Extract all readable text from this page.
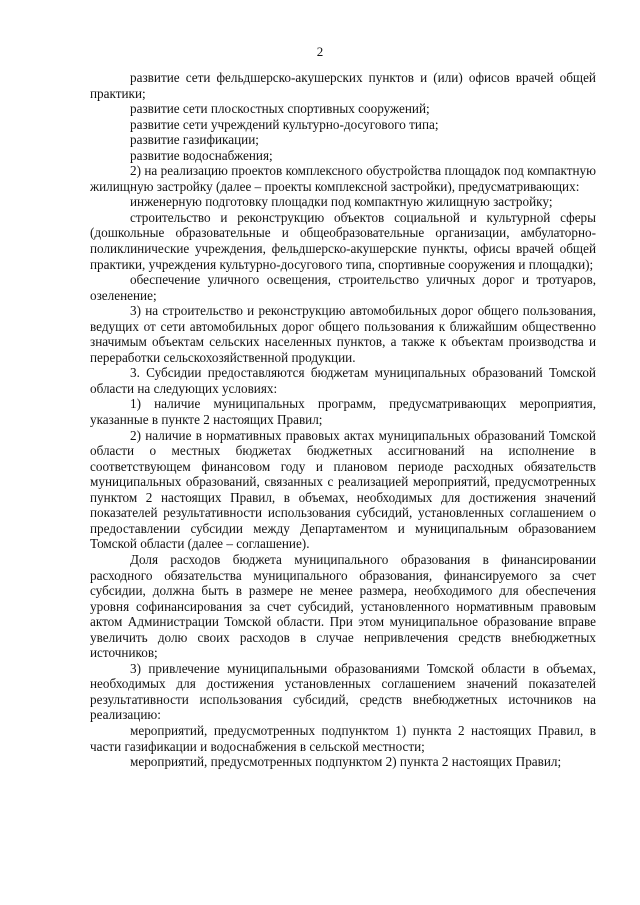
2

развитие сети фельдшерско-акушерских пунктов и (или) офисов врачей общей практики;

развитие сети плоскостных спортивных сооружений;

развитие сети учреждений культурно-досугового типа;

развитие газификации;

развитие водоснабжения;

2) на реализацию проектов комплексного обустройства площадок под компактную жилищную застройку (далее – проекты комплексной застройки), предусматривающих:

инженерную подготовку площадки под компактную жилищную застройку;

строительство и реконструкцию объектов социальной и культурной сферы (дошкольные образовательные и общеобразовательные организации, амбулаторно-поликлинические учреждения, фельдшерско-акушерские пункты, офисы врачей общей практики, учреждения культурно-досугового типа, спортивные сооружения и площадки);

обеспечение уличного освещения, строительство уличных дорог и тротуаров, озеленение;

3) на строительство и реконструкцию автомобильных дорог общего пользования, ведущих от сети автомобильных дорог общего пользования к ближайшим общественно значимым объектам сельских населенных пунктов, а также к объектам производства и переработки сельскохозяйственной продукции.

3. Субсидии предоставляются бюджетам муниципальных образований Томской области на следующих условиях:

1) наличие муниципальных программ, предусматривающих мероприятия, указанные в пункте 2 настоящих Правил;

2) наличие в нормативных правовых актах муниципальных образований Томской области о местных бюджетах бюджетных ассигнований на исполнение в соответствующем финансовом году и плановом периоде расходных обязательств муниципальных образований, связанных с реализацией мероприятий, предусмотренных пунктом 2 настоящих Правил, в объемах, необходимых для достижения значений показателей результативности использования субсидий, установленных соглашением о предоставлении субсидии между Департаментом и муниципальным образованием Томской области (далее – соглашение).

Доля расходов бюджета муниципального образования в финансировании расходного обязательства муниципального образования, финансируемого за счет субсидии, должна быть в размере не менее размера, необходимого для обеспечения уровня софинансирования за счет субсидий, установленного нормативным правовым актом Администрации Томской области. При этом муниципальное образование вправе увеличить долю своих расходов в случае непривлечения средств внебюджетных источников;

3) привлечение муниципальными образованиями Томской области в объемах, необходимых для достижения установленных соглашением значений показателей результативности использования субсидий, средств внебюджетных источников на реализацию:

мероприятий, предусмотренных подпунктом 1) пункта 2 настоящих Правил, в части газификации и водоснабжения в сельской местности;

мероприятий, предусмотренных подпунктом 2) пункта 2 настоящих Правил;
